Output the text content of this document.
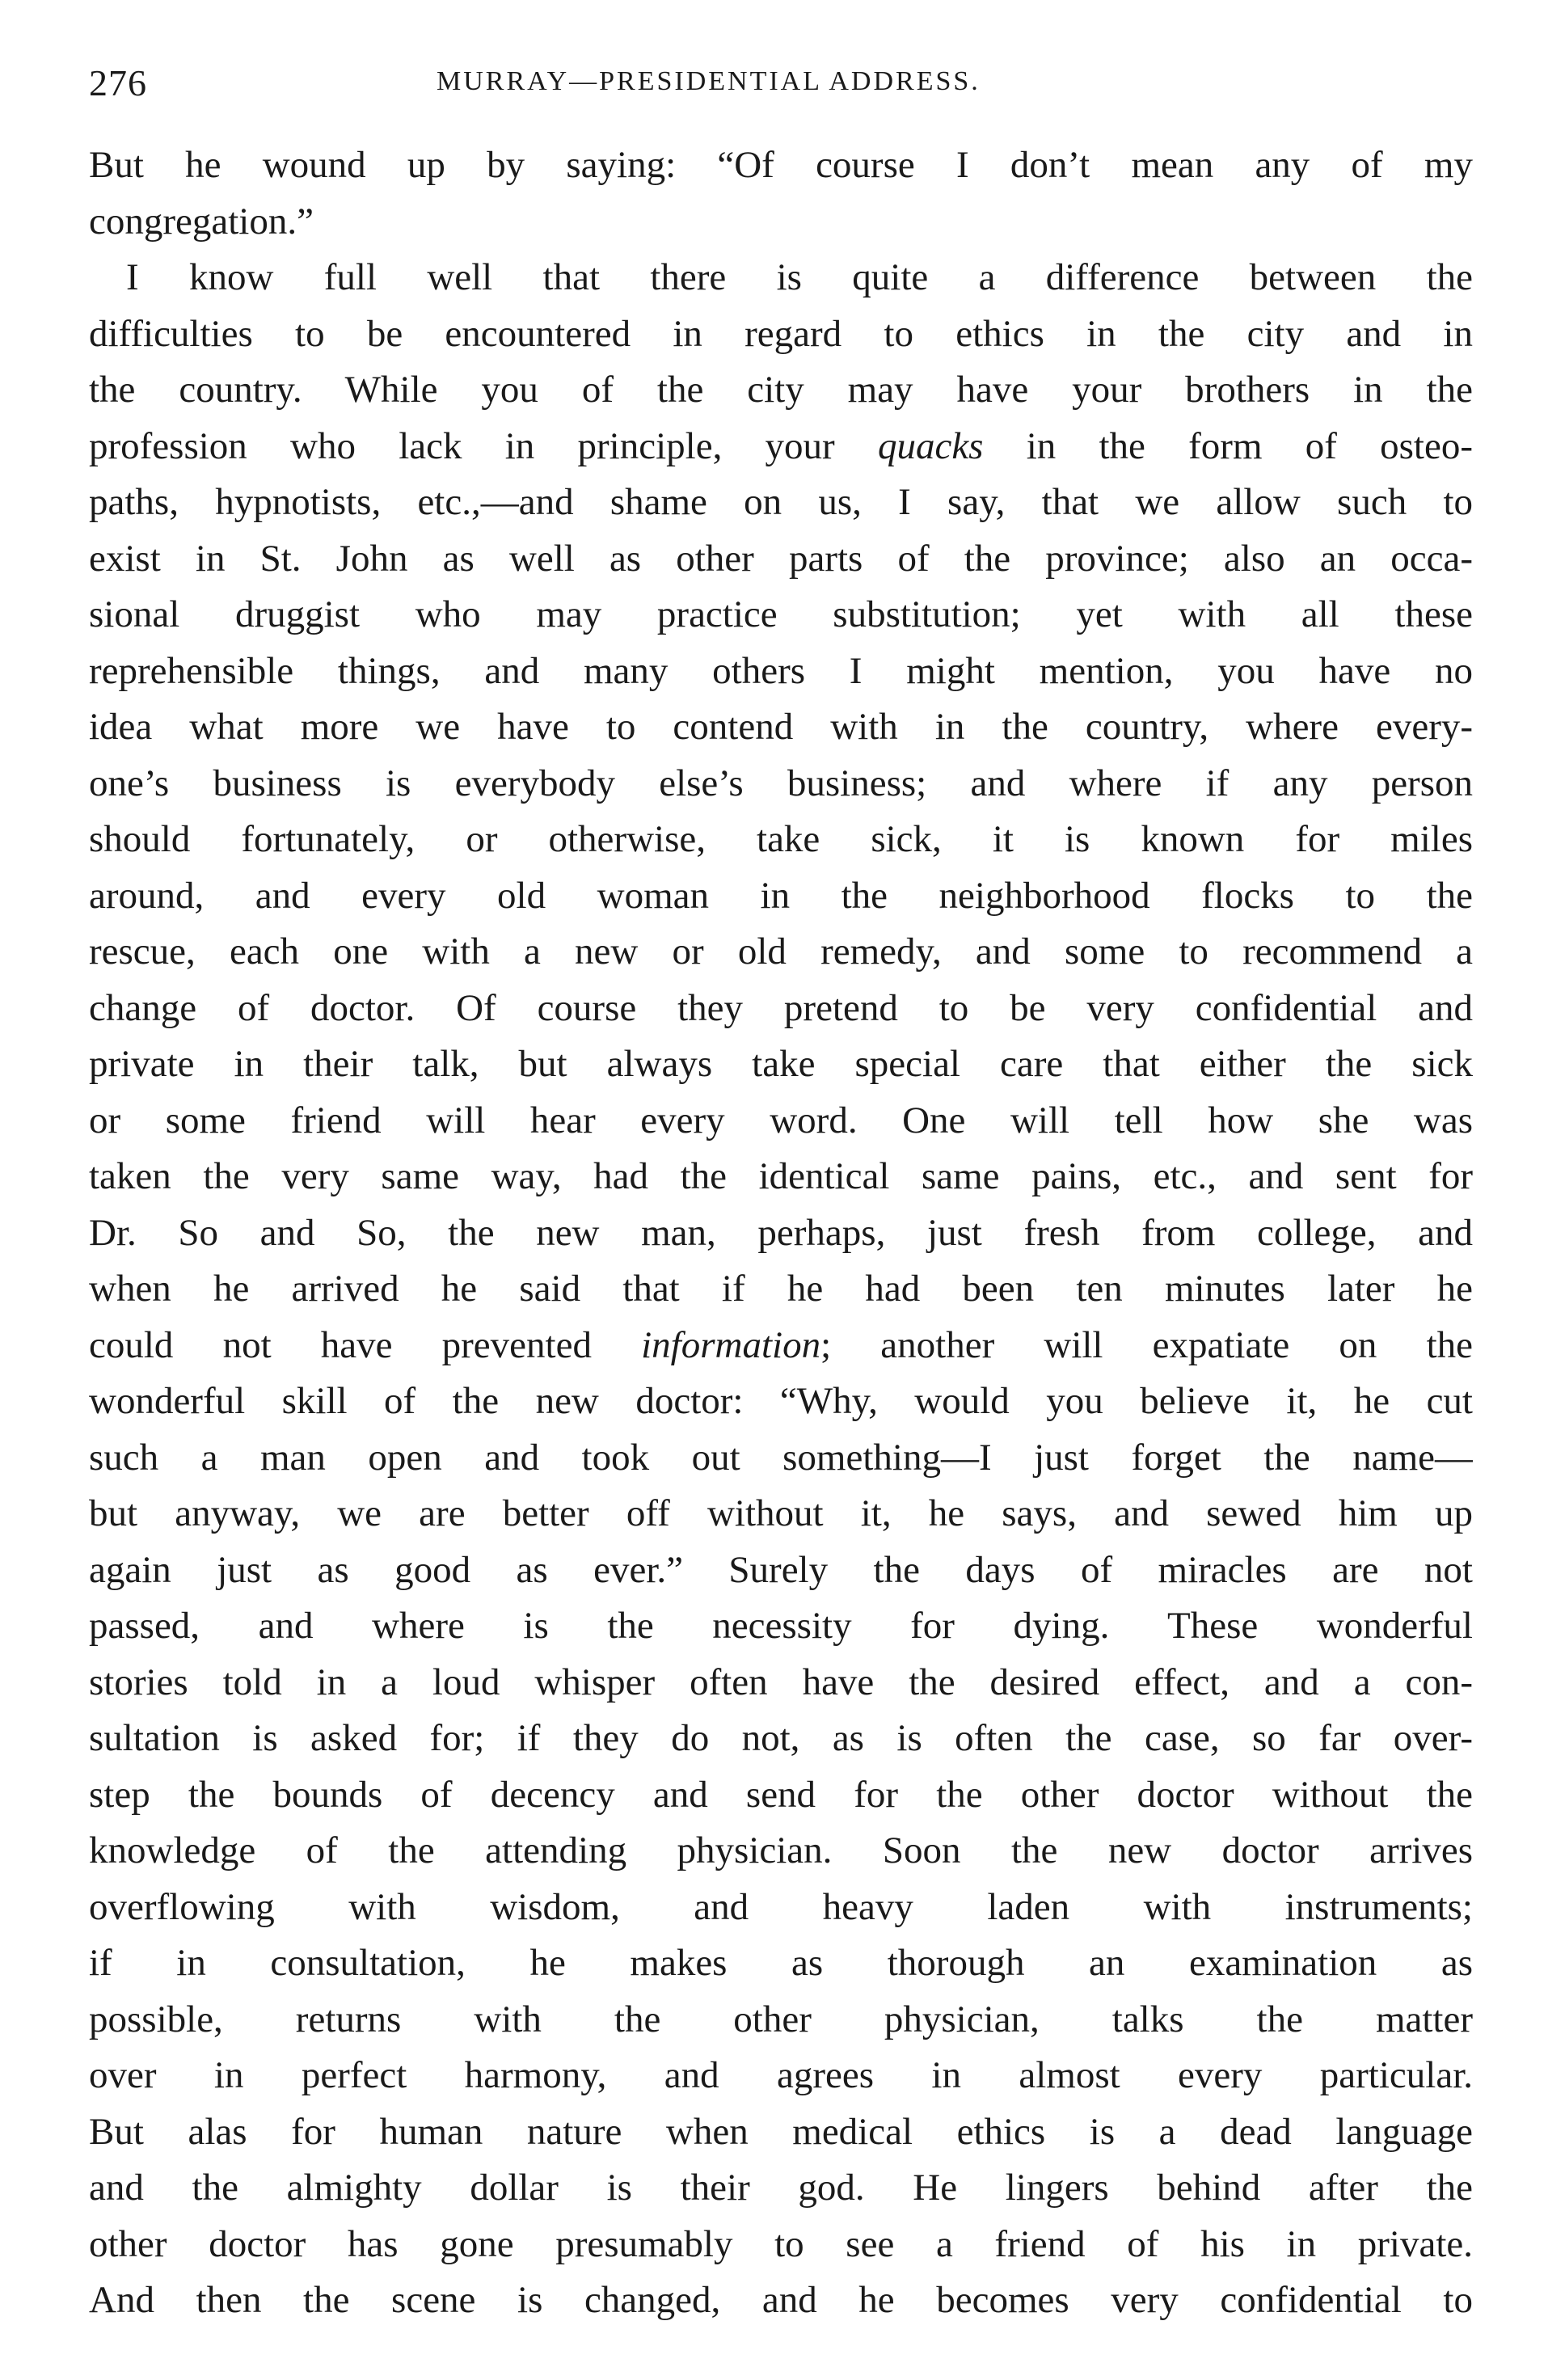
276	MURRAY—PRESIDENTIAL ADDRESS.
But he wound up by saying: “Of course I don’t mean any of my
congregation.”
I know full well that there is quite a difference between the
difficulties to be encountered in regard to ethics in the city and in
the country. While you of the city may have your brothers in the
profession who lack in principle, your quacks in the form of osteo-
paths, hypnotists, etc.,—and shame on us, I say, that we allow such to
exist in St. John as well as other parts of the province; also an occa-
sional druggist who may practice substitution; yet with all these
reprehensible things, and many others I might mention, you have no
idea what more we have to contend with in the country, where every-
one’s business is everybody else’s business; and where if any person
should fortunately, or otherwise, take sick, it is known for miles
around, and every old woman in the neighborhood flocks to the
rescue, each one with a new or old remedy, and some to recommend a
change of doctor. Of course they pretend to be very confidential and
private in their talk, but always take special care that either the sick
or some friend will hear every word. One will tell how she was
taken the very same way, had the identical same pains, etc., and sent for
Dr. So and So, the new man, perhaps, just fresh from college, and
when he arrived he said that if he had been ten minutes later he
could not have prevented information; another will expatiate on the
wonderful skill of the new doctor: “Why, would you believe it, he cut
such a man open and took out something—I just forget the name—
but anyway, we are better off without it, he says, and sewed him up
again just as good as ever.” Surely the days of miracles are not
passed, and where is the necessity for dying. These wonderful
stories told in a loud whisper often have the desired effect, and a con-
sultation is asked for; if they do not, as is often the case, so far over-
step the bounds of decency and send for the other doctor without the
knowledge of the attending physician. Soon the new doctor arrives
overflowing with wisdom, and heavy laden with instruments;
if in consultation, he makes as thorough an examination as
possible, returns with the other physician, talks the matter
over in perfect harmony, and agrees in almost every particular.
But alas for human nature when medical ethics is a dead language
and the almighty dollar is their god. He lingers behind after the
other doctor has gone presumably to see a friend of his in private.
And then the scene is changed, and he becomes very confidential to
